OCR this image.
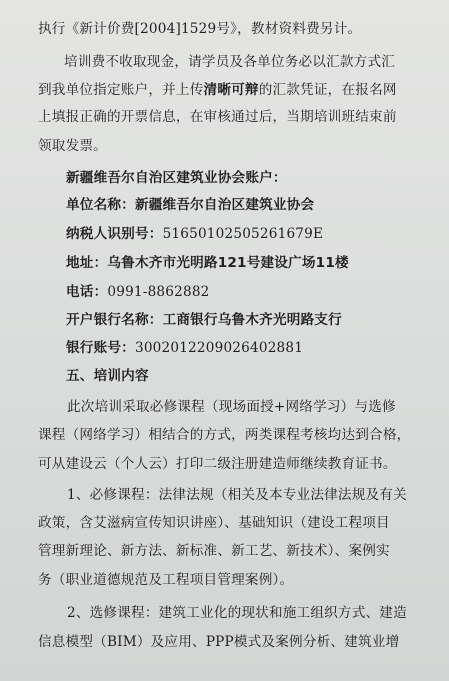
执行《新计价费[2004]1529号》，教材资料费另计。
培训费不收取现金，请学员及各单位务必以汇款方式汇
到我单位指定账户，并上传清晰可辩的汇款凭证，在报名网
上填报正确的开票信息，在审核通过后，当期培训班结束前
领取发票。
新疆维吾尔自治区建筑业协会账户：
单位名称：新疆维吾尔自治区建筑业协会
纳税人识别号：51650102505261679E
地址：乌鲁木齐市光明路121号建设广场11楼
电话：0991-8862882
开户银行名称：工商银行乌鲁木齐光明路支行
银行账号：3002012209026402881
五、培训内容
此次培训采取必修课程（现场面授+网络学习）与选修
课程（网络学习）相结合的方式，两类课程考核均达到合格，
可从建设云（个人云）打印二级注册建造师继续教育证书。
1、必修课程：法律法规（相关及本专业法律法规及有关
政策，含艾滋病宣传知识讲座）、基础知识（建设工程项目
管理新理论、新方法、新标准、新工艺、新技术）、案例实
务（职业道德规范及工程项目管理案例）。
2、选修课程：建筑工业化的现状和施工组织方式、建造
信息模型（BIM）及应用、PPP模式及案例分析、建筑业增
